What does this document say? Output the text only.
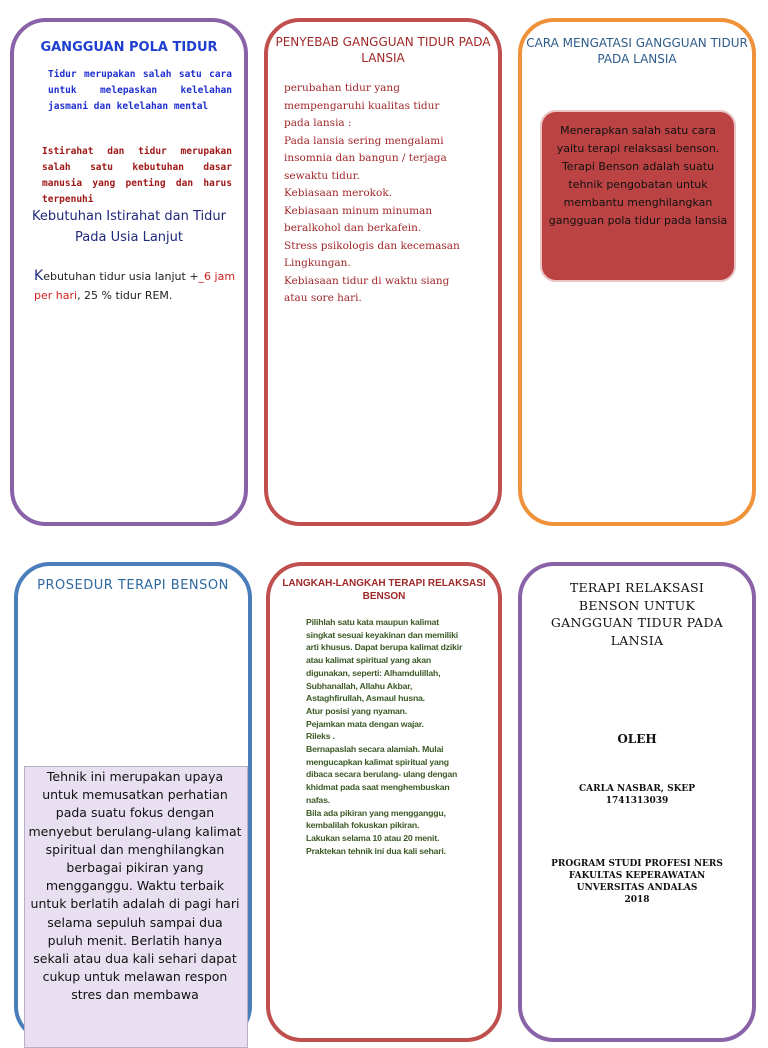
GANGGUAN POLA TIDUR
Tidur merupakan salah satu cara untuk melepaskan kelelahan jasmani dan kelelahan mental
Istirahat dan tidur merupakan salah satu kebutuhan dasar manusia yang penting dan harus terpenuhi
Kebutuhan Istirahat dan Tidur Pada Usia Lanjut
Kebutuhan tidur usia lanjut +_6 jam per hari, 25 % tidur REM.
PENYEBAB GANGGUAN TIDUR PADA LANSIA
perubahan tidur yang
mempengaruhi kualitas tidur
pada lansia :
Pada lansia sering mengalami
insomnia dan bangun / terjaga
sewaktu tidur.
Kebiasaan merokok.
Kebiasaan minum minuman
beralkohol dan berkafein.
Stress psikologis dan kecemasan
Lingkungan.
Kebiasaan tidur di waktu siang
atau sore hari.
CARA MENGATASI GANGGUAN TIDUR PADA LANSIA
Menerapkan salah satu cara yaitu terapi relaksasi benson. Terapi Benson adalah suatu tehnik pengobatan untuk membantu menghilangkan gangguan pola tidur pada lansia
PROSEDUR TERAPI BENSON
Tehnik ini merupakan upaya untuk memusatkan perhatian pada suatu fokus dengan menyebut berulang-ulang kalimat spiritual dan menghilangkan berbagai pikiran yang mengganggu. Waktu terbaik untuk berlatih adalah di pagi hari selama sepuluh sampai dua puluh menit. Berlatih hanya sekali atau dua kali sehari dapat cukup untuk melawan respon stres dan membawa
LANGKAH-LANGKAH TERAPI RELAKSASI BENSON
Pilihlah satu kata maupun kalimat
singkat sesuai keyakinan dan memiliki
arti khusus. Dapat berupa kalimat dzikir
atau kalimat spiritual yang akan
digunakan, seperti: Alhamdulillah,
Subhanallah, Allahu Akbar,
Astaghfirullah, Asmaul husna.
Atur posisi yang nyaman.
Pejamkan mata dengan wajar.
Rileks .
Bernapaslah secara alamiah. Mulai
mengucapkan kalimat spiritual yang
dibaca secara berulang- ulang dengan
khidmat pada saat menghembuskan
nafas.
Bila ada pikiran yang mengganggu,
kembalilah fokuskan pikiran.
Lakukan selama 10 atau 20 menit.
Praktekan tehnik ini dua kali sehari.
TERAPI RELAKSASI
BENSON UNTUK
GANGGUAN TIDUR PADA
LANSIA
OLEH
CARLA NASBAR, SKEP
1741313039
PROGRAM STUDI PROFESI NERS
FAKULTAS KEPERAWATAN
UNVERSITAS ANDALAS
2018
